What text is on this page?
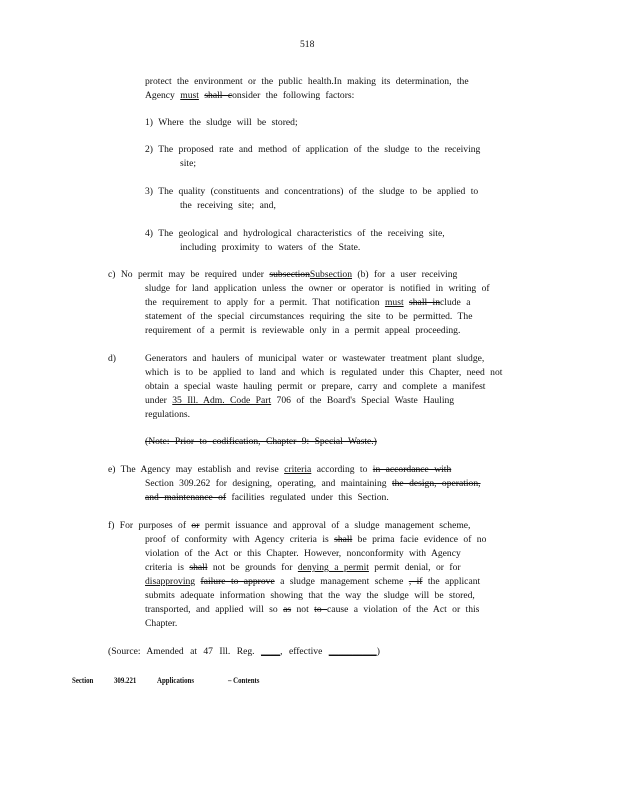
518
protect the environment or the public health.In making its determination, the
Agency must shall consider the following factors:
1) Where the sludge will be stored;
2) The proposed rate and method of application of the sludge to the receiving
site;
3) The quality (constituents and concentrations) of the sludge to be applied to
the receiving site; and,
4) The geological and hydrological characteristics of the receiving site,
including proximity to waters of the State.
c) No permit may be required under subsectionSubsection (b) for a user receiving
sludge for land application unless the owner or operator is notified in writing of
the requirement to apply for a permit. That notification must shall include a
statement of the special circumstances requiring the site to be permitted. The
requirement of a permit is reviewable only in a permit appeal proceeding.
d)	Generators and haulers of municipal water or wastewater treatment plant sludge,
which is to be applied to land and which is regulated under this Chapter, need not
obtain a special waste hauling permit or prepare, carry and complete a manifest
under 35 Ill. Adm. Code Part 706 of the Board's Special Waste Hauling
regulations.
(Note: Prior to codification, Chapter 9: Special Waste.)
e) The Agency may establish and revise criteria according to in accordance with
Section 309.262 for designing, operating, and maintaining the design, operation,
and maintenance of facilities regulated under this Section.
f) For purposes of or permit issuance and approval of a sludge management scheme,
proof of conformity with Agency criteria is shall be prima facie evidence of no
violation of the Act or this Chapter. However, nonconformity with Agency
criteria is shall not be grounds for denying a permit permit denial, or for
disapproving failure to approve a sludge management scheme , if the applicant
submits adequate information showing that the way the sludge will be stored,
transported, and applied will so as not to cause a violation of the Act or this
Chapter.
(Source: Amended at 47 Ill. Reg. ____, effective __________)
Section 309.221 Applications	– Contents
